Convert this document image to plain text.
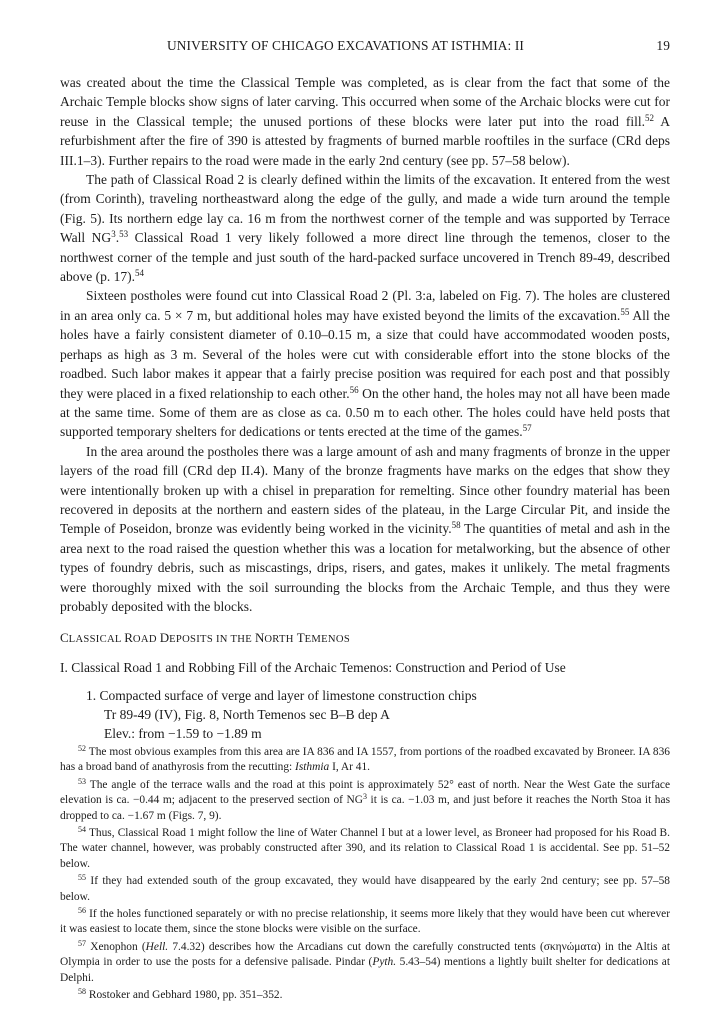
UNIVERSITY OF CHICAGO EXCAVATIONS AT ISTHMIA: II	19

was created about the time the Classical Temple was completed, as is clear from the fact that some of the Archaic Temple blocks show signs of later carving. This occurred when some of the Archaic blocks were cut for reuse in the Classical temple; the unused portions of these blocks were later put into the road fill.$^{52}$ A refurbishment after the fire of 390 is attested by fragments of burned marble rooftiles in the surface (CRd deps III.1–3). Further repairs to the road were made in the early 2nd century (see pp. 57–58 below).

The path of Classical Road 2 is clearly defined within the limits of the excavation. It entered from the west (from Corinth), traveling northeastward along the edge of the gully, and made a wide turn around the temple (Fig. 5). Its northern edge lay ca. 16 m from the northwest corner of the temple and was supported by Terrace Wall $NG^3.^{53}$ Classical Road 1 very likely followed a more direct line through the temenos, closer to the northwest corner of the temple and just south of the hard-packed surface uncovered in Trench 89-49, described above (p. 17).$^{54}$

Sixteen postholes were found cut into Classical Road 2 (Pl. 3:a, labeled on Fig. 7). The holes are clustered in an area only ca. 5 × 7 m, but additional holes may have existed beyond the limits of the excavation.$^{55}$ All the holes have a fairly consistent diameter of 0.10–0.15 m, a size that could have accommodated wooden posts, perhaps as high as 3 m. Several of the holes were cut with considerable effort into the stone blocks of the roadbed. Such labor makes it appear that a fairly precise position was required for each post and that possibly they were placed in a fixed relationship to each other.$^{56}$ On the other hand, the holes may not all have been made at the same time. Some of them are as close as ca. 0.50 m to each other. The holes could have held posts that supported temporary shelters for dedications or tents erected at the time of the games.$^{57}$

In the area around the postholes there was a large amount of ash and many fragments of bronze in the upper layers of the road fill (CRd dep II.4). Many of the bronze fragments have marks on the edges that show they were intentionally broken up with a chisel in preparation for remelting. Since other foundry material has been recovered in deposits at the northern and eastern sides of the plateau, in the Large Circular Pit, and inside the Temple of Poseidon, bronze was evidently being worked in the vicinity.$^{58}$ The quantities of metal and ash in the area next to the road raised the question whether this was a location for metalworking, but the absence of other types of foundry debris, such as miscastings, drips, risers, and gates, makes it unlikely. The metal fragments were thoroughly mixed with the soil surrounding the blocks from the Archaic Temple, and thus they were probably deposited with the blocks.

CLASSICAL ROAD DEPOSITS IN THE NORTH TEMENOS
I. Classical Road 1 and Robbing Fill of the Archaic Temenos: Construction and Period of Use
1. Compacted surface of verge and layer of limestone construction chips
Tr 89-49 (IV), Fig. 8, North Temenos sec B–B dep A
Elev.: from −1.59 to −1.89 m

$^{52}$ The most obvious examples from this area are IA 836 and IA 1557, from portions of the roadbed excavated by Broneer. IA 836 has a broad band of anathyrosis from the recutting: Isthmia I, Ar 41.

$^{53}$ The angle of the terrace walls and the road at this point is approximately 52° east of north. Near the West Gate the surface elevation is ca. −0.44 m; adjacent to the preserved section of $NG^3$ it is ca. −1.03 m, and just before it reaches the North Stoa it has dropped to ca. −1.67 m (Figs. 7, 9).

$^{54}$ Thus, Classical Road 1 might follow the line of Water Channel I but at a lower level, as Broneer had proposed for his Road B. The water channel, however, was probably constructed after 390, and its relation to Classical Road 1 is accidental. See pp. 51–52 below.

$^{55}$ If they had extended south of the group excavated, they would have disappeared by the early 2nd century; see pp. 57–58 below.

$^{56}$ If the holes functioned separately or with no precise relationship, it seems more likely that they would have been cut wherever it was easiest to locate them, since the stone blocks were visible on the surface.

$^{57}$ Xenophon (Hell. 7.4.32) describes how the Arcadians cut down the carefully constructed tents (σκηνώματα) in the Altis at Olympia in order to use the posts for a defensive palisade. Pindar (Pyth. 5.43–54) mentions a lightly built shelter for dedications at Delphi.

$^{58}$ Rostoker and Gebhard 1980, pp. 351–352.
